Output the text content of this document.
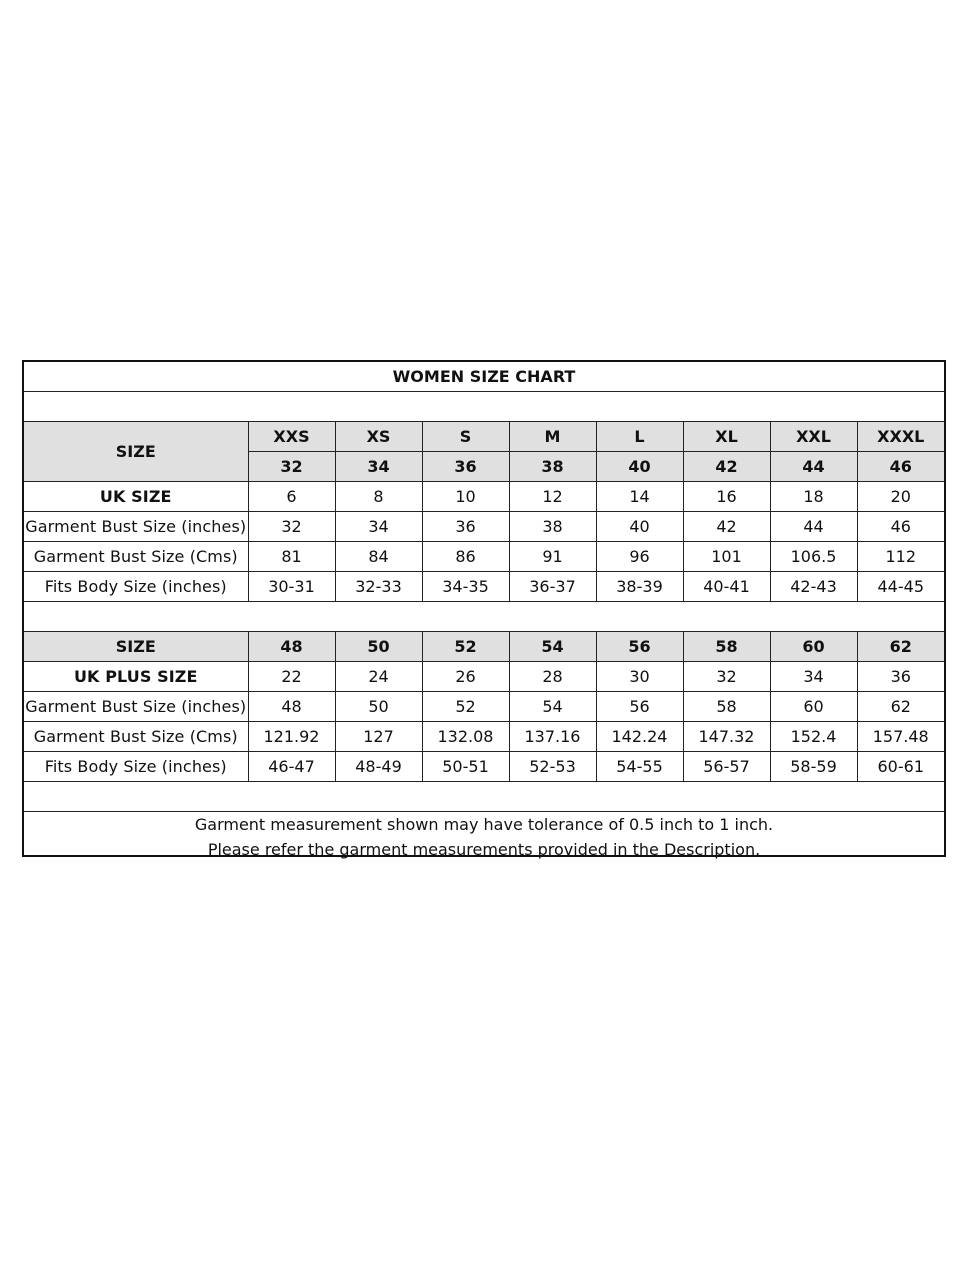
WOMEN SIZE CHART								

SIZE	XXS	XS	S	M	L	XL	XXL	XXXL
	32	34	36	38	40	42	44	46
UK SIZE	6	8	10	12	14	16	18	20
Garment Bust Size (inches)	32	34	36	38	40	42	44	46
Garment Bust Size (Cms)	81	84	86	91	96	101	106.5	112
Fits Body Size (inches)	30-31	32-33	34-35	36-37	38-39	40-41	42-43	44-45

SIZE	48	50	52	54	56	58	60	62
UK PLUS SIZE	22	24	26	28	30	32	34	36
Garment Bust Size (inches)	48	50	52	54	56	58	60	62
Garment Bust Size (Cms)	121.92	127	132.08	137.16	142.24	147.32	152.4	157.48
Fits Body Size (inches)	46-47	48-49	50-51	52-53	54-55	56-57	58-59	60-61

Garment measurement shown may have tolerance of 0.5 inch to 1 inch.
Please refer the garment measurements provided in the Description.								
